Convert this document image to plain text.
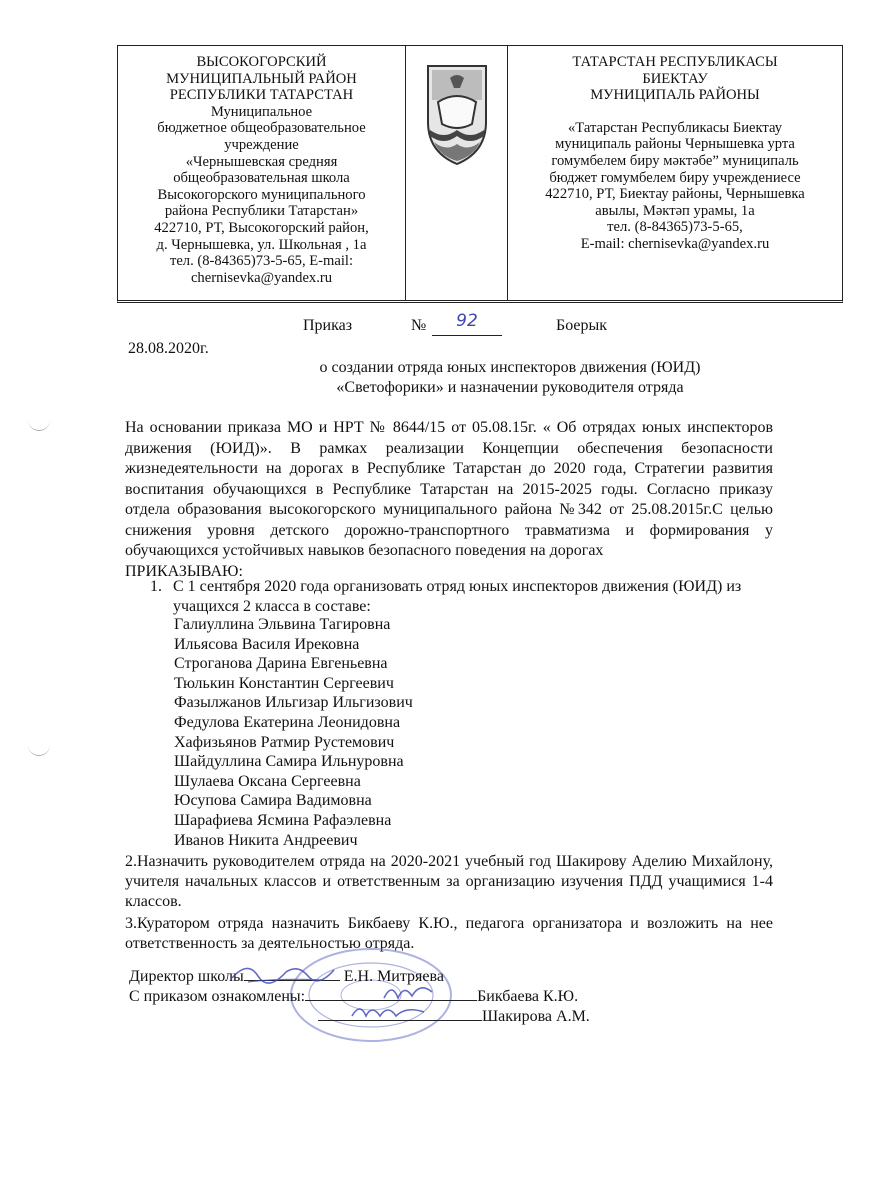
ВЫСОКОГОРСКИЙ
МУНИЦИПАЛЬНЫЙ РАЙОН
РЕСПУБЛИКИ ТАТАРСТАН
Муниципальное
бюджетное общеобразовательное
учреждение
«Чернышевская средняя
общеобразовательная школа
Высокогорского муниципального
района Республики Татарстан»
422710, РТ, Высокогорский район,
д. Чернышевка, ул. Школьная , 1а
тел. (8-84365)73-5-65, E-mail:
chernisevka@yandex.ru
ТАТАРСТАН РЕСПУБЛИКАСЫ
БИЕКТАУ
МУНИЦИПАЛЬ РАЙОНЫ
«Татарстан Республикасы Биектау
муниципаль районы Чернышевка урта
гомумбелем биру мәктәбе” муниципаль
бюджет гомумбелем биру учреждениесе
422710, РТ, Биектау районы, Чернышевка
авылы, Мәктәп урамы, 1а
тел. (8-84365)73-5-65,
E-mail: chernisevka@yandex.ru
Приказ	№	92	Боерык
28.08.2020г.
о создании отряда юных инспекторов движения (ЮИД)
«Светофорики» и назначении руководителя отряда

На основании приказа МО и НРТ № 8644/15 от 05.08.15г. « Об отрядах юных инспекторов движения (ЮИД)». В рамках реализации Концепции обеспечения безопасности жизнедеятельности на дорогах в Республике Татарстан до 2020 года, Стратегии развития воспитания обучающихся в Республике Татарстан на 2015-2025 годы. Согласно приказу отдела образования высокогорского муниципального района №342 от 25.08.2015г.С целью снижения уровня детского дорожно-транспортного травматизма и формирования у обучающихся устойчивых навыков безопасного поведения на дорогах

ПРИКАЗЫВАЮ:

1. С 1 сентября 2020 года организовать отряд юных инспекторов движения (ЮИД) из учащихся 2 класса в составе:
Галиуллина Эльвина Тагировна
Ильясова Василя Ирековна
Строганова Дарина Евгеньевна
Тюлькин Константин Сергеевич
Фазылжанов Ильгизар Ильгизович
Федулова Екатерина Леонидовна
Хафизьянов Ратмир Рустемович
Шайдуллина Самира Ильнуровна
Шулаева Оксана Сергеевна
Юсупова Самира Вадимовна
Шарафиева Ясмина Рафаэлевна
Иванов Никита Андреевич
2.Назначить руководителем отряда на 2020-2021 учебный год Шакирову Аделию Михайлону, учителя начальных классов и ответственным за организацию изучения ПДД учащимися 1-4 классов.
3.Куратором отряда назначить Бикбаеву К.Ю., педагога организатора и возложить на нее ответственность за деятельностью отряда.
Директор школы	Е.Н. Митряева
С приказом ознакомлены:	Бикбаева К.Ю.
Шакирова А.М.
